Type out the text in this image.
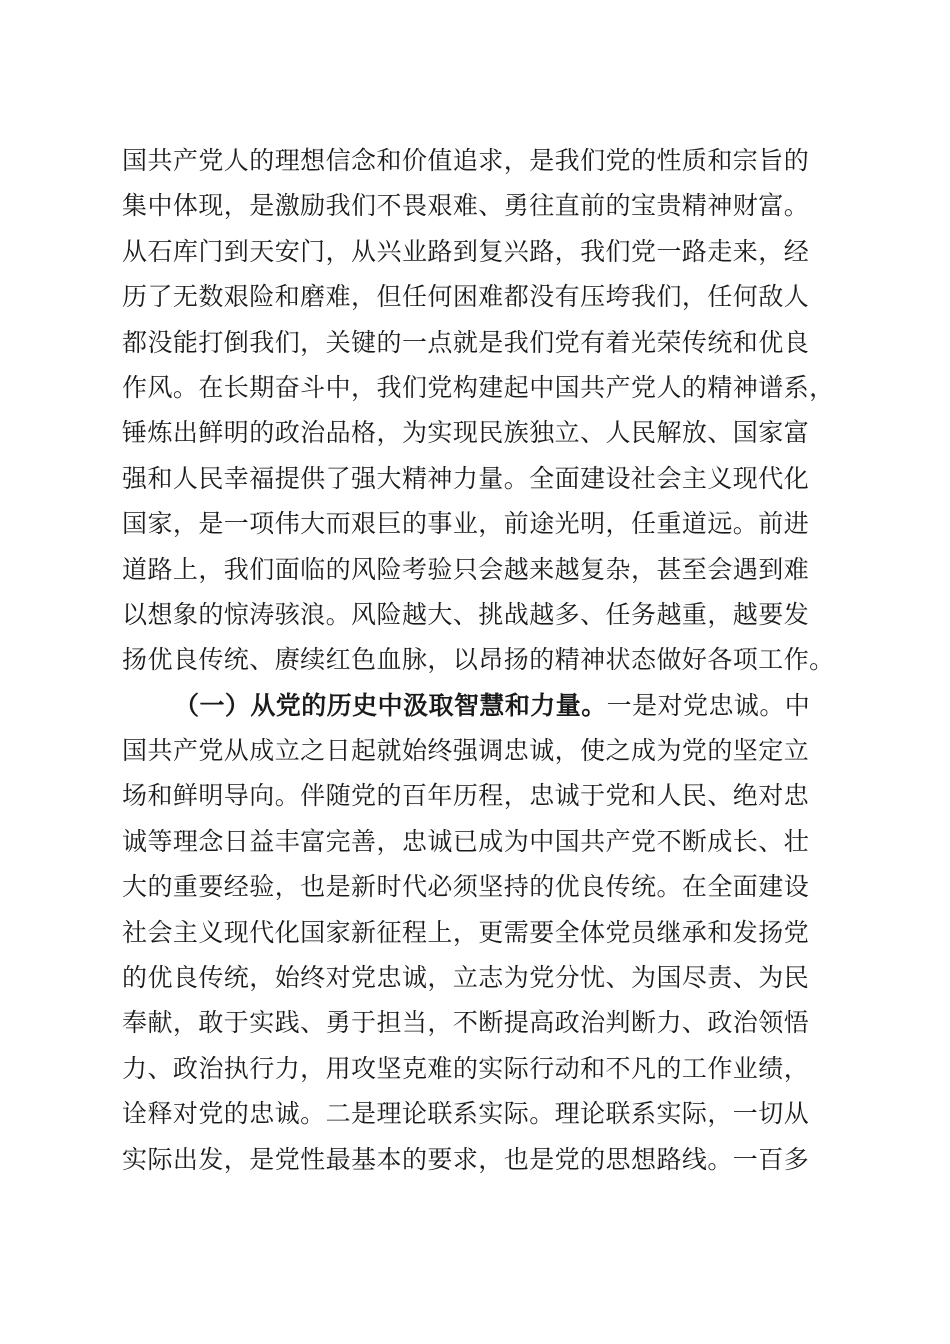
国共产党人的理想信念和价值追求，是我们党的性质和宗旨的
集中体现，是激励我们不畏艰难、勇往直前的宝贵精神财富。
从石库门到天安门，从兴业路到复兴路，我们党一路走来，经
历了无数艰险和磨难，但任何困难都没有压垮我们，任何敌人
都没能打倒我们，关键的一点就是我们党有着光荣传统和优良
作风。在长期奋斗中，我们党构建起中国共产党人的精神谱系，
锤炼出鲜明的政治品格，为实现民族独立、人民解放、国家富
强和人民幸福提供了强大精神力量。全面建设社会主义现代化
国家，是一项伟大而艰巨的事业，前途光明，任重道远。前进
道路上，我们面临的风险考验只会越来越复杂，甚至会遇到难
以想象的惊涛骇浪。风险越大、挑战越多、任务越重，越要发
扬优良传统、赓续红色血脉，以昂扬的精神状态做好各项工作。
（一）从党的历史中汲取智慧和力量。一是对党忠诚。中
国共产党从成立之日起就始终强调忠诚，使之成为党的坚定立
场和鲜明导向。伴随党的百年历程，忠诚于党和人民、绝对忠
诚等理念日益丰富完善，忠诚已成为中国共产党不断成长、壮
大的重要经验，也是新时代必须坚持的优良传统。在全面建设
社会主义现代化国家新征程上，更需要全体党员继承和发扬党
的优良传统，始终对党忠诚，立志为党分忧、为国尽责、为民
奉献，敢于实践、勇于担当，不断提高政治判断力、政治领悟
力、政治执行力，用攻坚克难的实际行动和不凡的工作业绩，
诠释对党的忠诚。二是理论联系实际。理论联系实际，一切从
实际出发，是党性最基本的要求，也是党的思想路线。一百多
